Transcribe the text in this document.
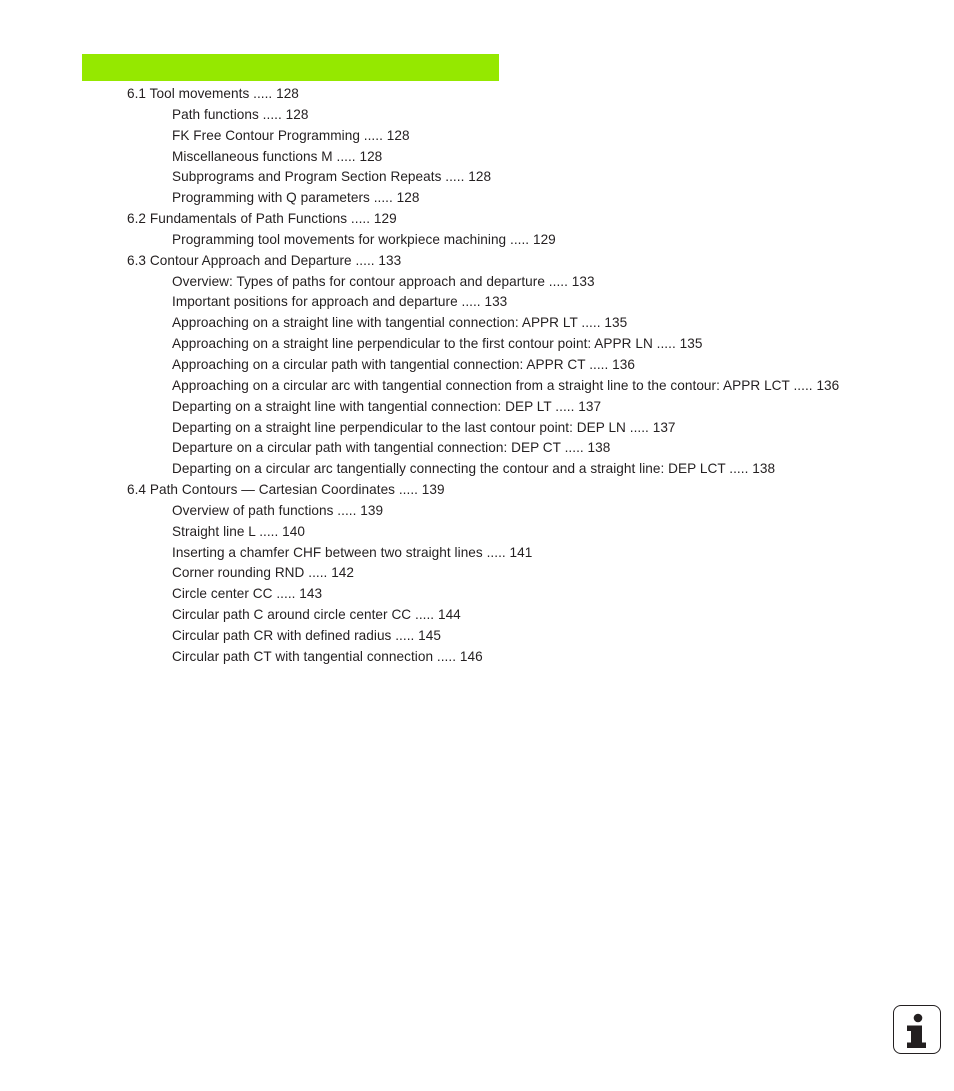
6.1 Tool movements ..... 128
Path functions ..... 128
FK Free Contour Programming ..... 128
Miscellaneous functions M ..... 128
Subprograms and Program Section Repeats ..... 128
Programming with Q parameters ..... 128
6.2 Fundamentals of Path Functions ..... 129
Programming tool movements for workpiece machining ..... 129
6.3 Contour Approach and Departure ..... 133
Overview: Types of paths for contour approach and departure ..... 133
Important positions for approach and departure ..... 133
Approaching on a straight line with tangential connection: APPR LT ..... 135
Approaching on a straight line perpendicular to the first contour point: APPR LN ..... 135
Approaching on a circular path with tangential connection: APPR CT ..... 136
Approaching on a circular arc with tangential connection from a straight line to the contour: APPR LCT ..... 136
Departing on a straight line with tangential connection: DEP LT ..... 137
Departing on a straight line perpendicular to the last contour point: DEP LN ..... 137
Departure on a circular path with tangential connection: DEP CT ..... 138
Departing on a circular arc tangentially connecting the contour and a straight line: DEP LCT ..... 138
6.4 Path Contours — Cartesian Coordinates ..... 139
Overview of path functions ..... 139
Straight line L ..... 140
Inserting a chamfer CHF between two straight lines ..... 141
Corner rounding RND ..... 142
Circle center CC ..... 143
Circular path C around circle center CC ..... 144
Circular path CR with defined radius ..... 145
Circular path CT with tangential connection ..... 146
